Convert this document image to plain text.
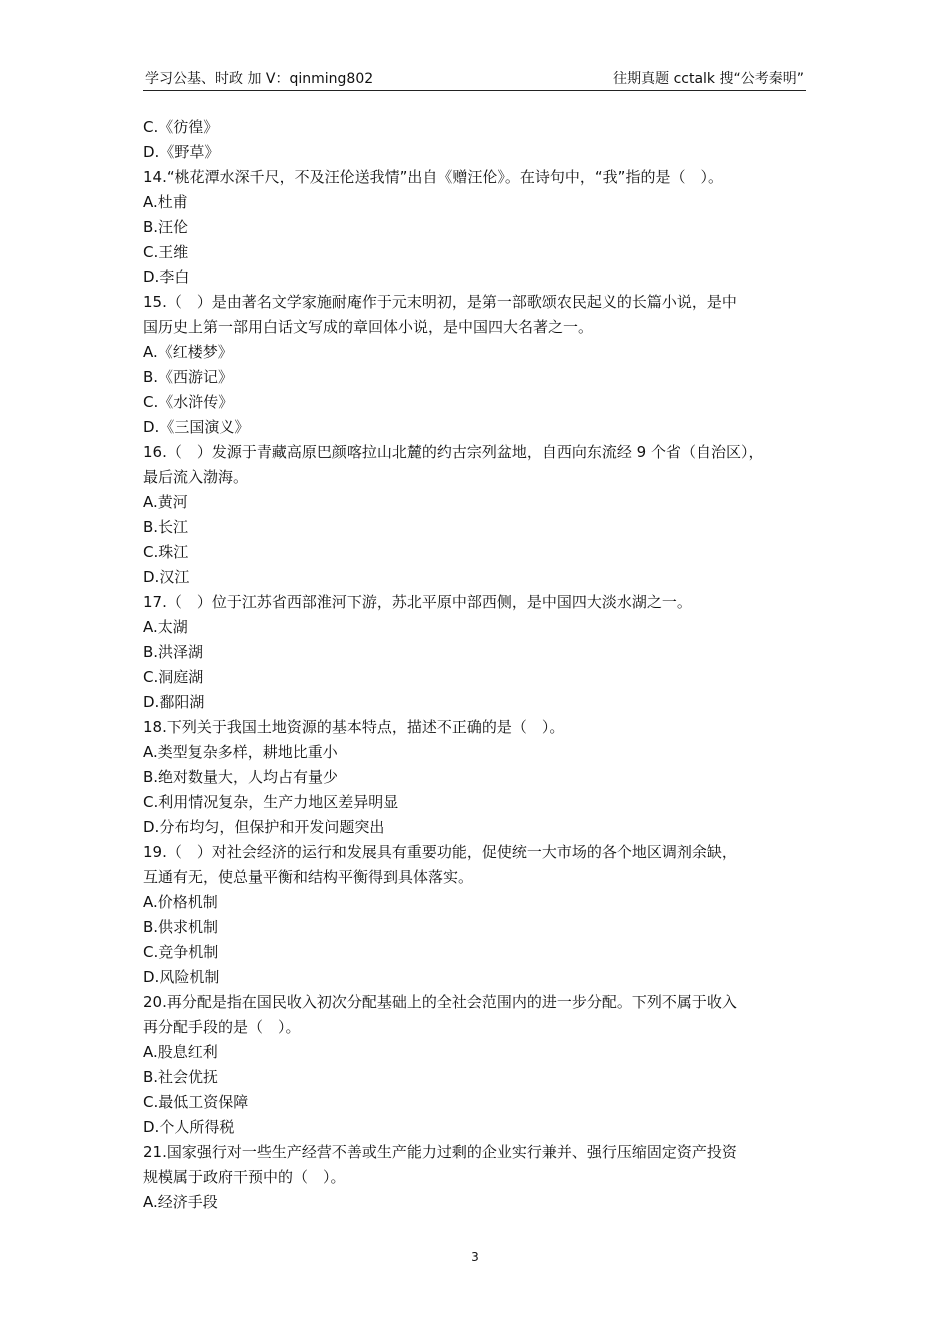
学习公基、时政 加 V：qinming802	往期真题 cctalk 搜“公考秦明”
C.《彷徨》
D.《野草》
14.“桃花潭水深千尺，不及汪伦送我情”出自《赠汪伦》。在诗句中，“我”指的是（　）。
A.杜甫
B.汪伦
C.王维
D.李白
15.（　）是由著名文学家施耐庵作于元末明初，是第一部歌颂农民起义的长篇小说，是中
国历史上第一部用白话文写成的章回体小说，是中国四大名著之一。
A.《红楼梦》
B.《西游记》
C.《水浒传》
D.《三国演义》
16.（　）发源于青藏高原巴颜喀拉山北麓的约古宗列盆地，自西向东流经 9 个省（自治区），
最后流入渤海。
A.黄河
B.长江
C.珠江
D.汉江
17.（　）位于江苏省西部淮河下游，苏北平原中部西侧，是中国四大淡水湖之一。
A.太湖
B.洪泽湖
C.洞庭湖
D.鄱阳湖
18.下列关于我国土地资源的基本特点，描述不正确的是（　）。
A.类型复杂多样，耕地比重小
B.绝对数量大，人均占有量少
C.利用情况复杂，生产力地区差异明显
D.分布均匀，但保护和开发问题突出
19.（　）对社会经济的运行和发展具有重要功能，促使统一大市场的各个地区调剂余缺，
互通有无，使总量平衡和结构平衡得到具体落实。
A.价格机制
B.供求机制
C.竞争机制
D.风险机制
20.再分配是指在国民收入初次分配基础上的全社会范围内的进一步分配。下列不属于收入
再分配手段的是（　）。
A.股息红利
B.社会优抚
C.最低工资保障
D.个人所得税
21.国家强行对一些生产经营不善或生产能力过剩的企业实行兼并、强行压缩固定资产投资
规模属于政府干预中的（　）。
A.经济手段
3
